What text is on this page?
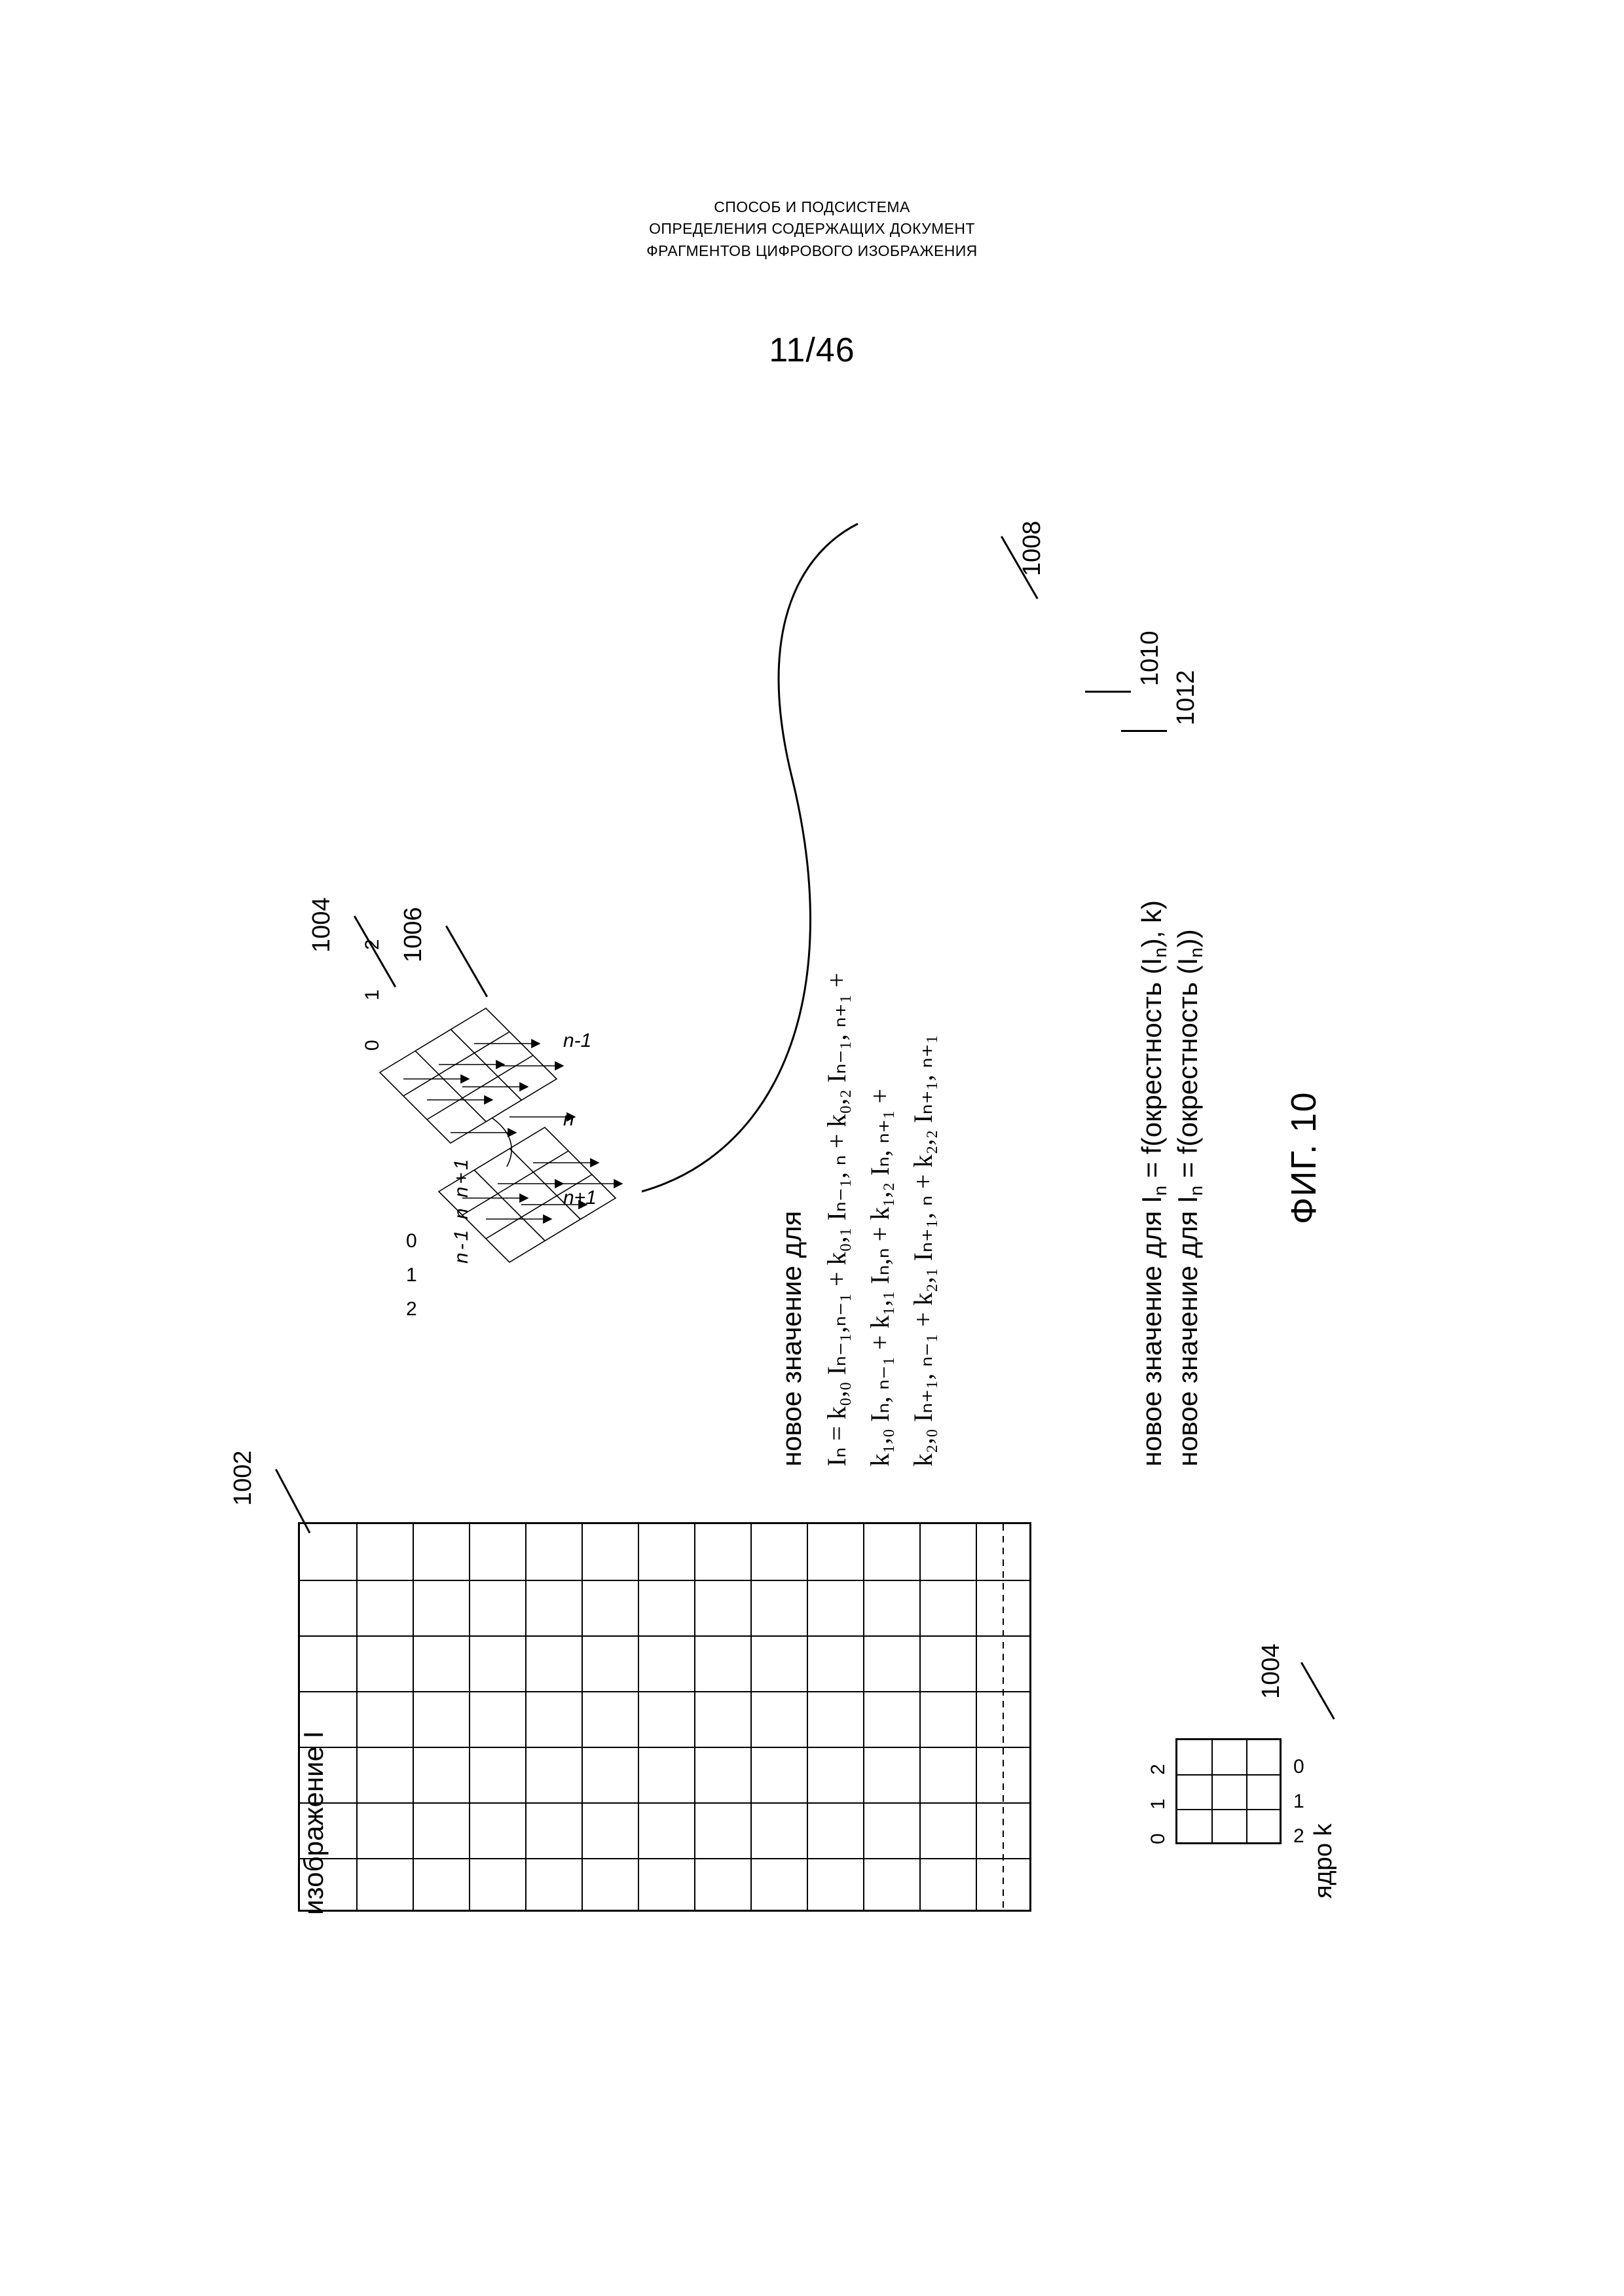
СПОСОБ И ПОДСИСТЕМА
ОПРЕДЕЛЕНИЯ СОДЕРЖАЩИХ ДОКУМЕНТ
ФРАГМЕНТОВ ЦИФРОВОГО ИЗОБРАЖЕНИЯ
11/46
ФИГ. 10
изображение I
1002
0 1 2	0
1
2 ядро k
1004
0 1 2
n-1 n n+1
0
1
2
n-1
n
n+1
1004	1006
Iₙ = k₀,₀ Iₙ₋₁,ₙ₋₁ + k₀,₁ Iₙ₋₁, ₙ + k₀,₂ Iₙ₋₁, ₙ₊₁ + k₁,₀ Iₙ, ₙ₋₁ + k₁,₁ Iₙ,ₙ + k₁,₂ Iₙ, ₙ₊₁ + k₂,₀ Iₙ₊₁, ₙ₋₁ + k₂,₁ Iₙ₊₁, ₙ + k₂,₂ Iₙ₊₁, ₙ₊₁
новое значение для
1008
новое значение для $I_n$ = f(окрестность $(I_n)$, k)
новое значение для $I_n$ = f(окрестность $(I_n)$)
1010
1012
